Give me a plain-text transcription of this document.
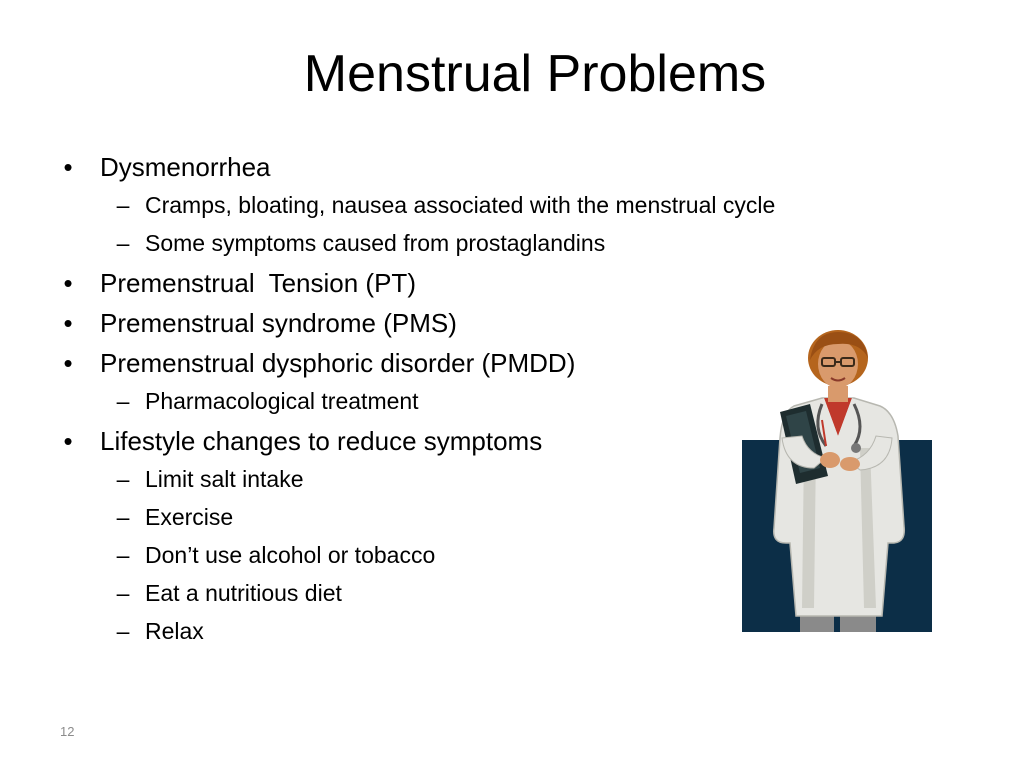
Menstrual Problems
• Dysmenorrhea
– Cramps, bloating, nausea associated with the menstrual cycle
– Some symptoms caused from prostaglandins
• Premenstrual  Tension (PT)
• Premenstrual syndrome (PMS)
• Premenstrual dysphoric disorder (PMDD)
– Pharmacological treatment
• Lifestyle changes to reduce symptoms
– Limit salt intake
– Exercise
– Don’t use alcohol or tobacco
– Eat a nutritious diet
– Relax
12
